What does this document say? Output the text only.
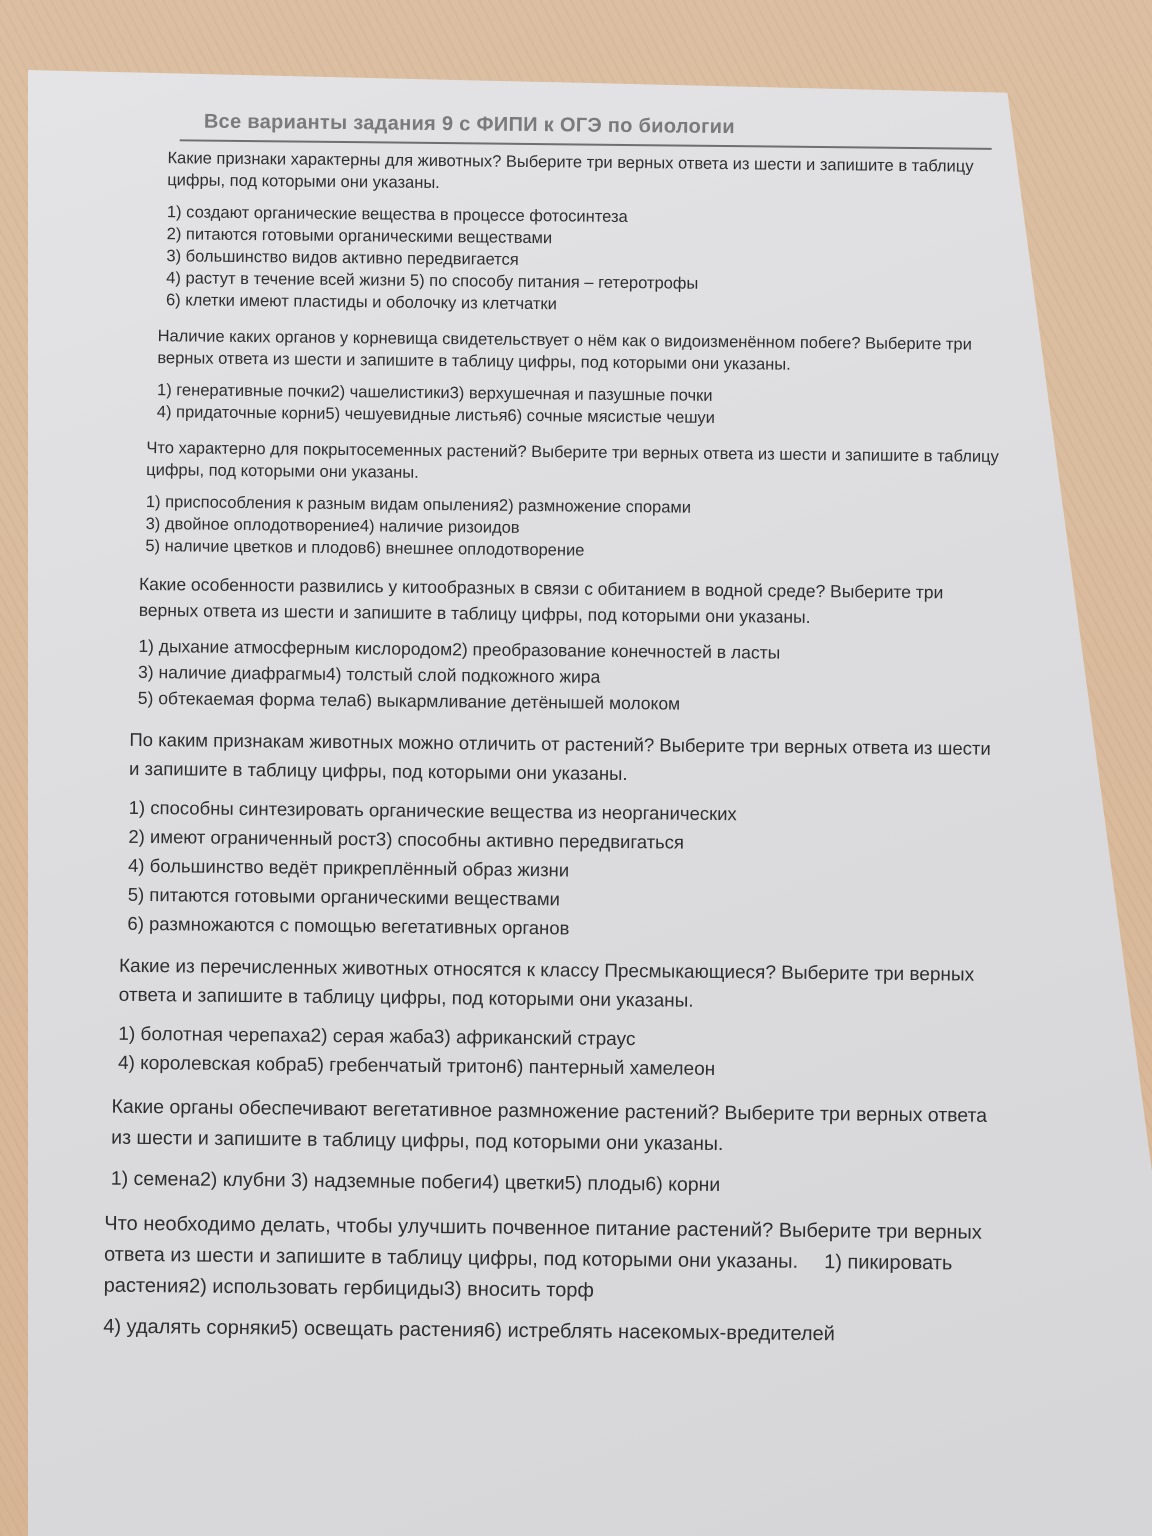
Все варианты задания 9 с ФИПИ к ОГЭ по биологии

Какие признаки характерны для животных? Выберите три верных ответа из шести и запишите в таблицу цифры, под которыми они указаны.

1) создают органические вещества в процессе фотосинтеза
2) питаются готовыми органическими веществами
3) большинство видов активно передвигается
4) растут в течение всей жизни 5) по способу питания – гетеротрофы
6) клетки имеют пластиды и оболочку из клетчатки

Наличие каких органов у корневища свидетельствует о нём как о видоизменённом побеге? Выберите три верных ответа из шести и запишите в таблицу цифры, под которыми они указаны.

1) генеративные почки2) чашелистики3) верхушечная и пазушные почки
4) придаточные корни5) чешуевидные листья6) сочные мясистые чешуи

Что характерно для покрытосеменных растений? Выберите три верных ответа из шести и запишите в таблицу цифры, под которыми они указаны.

1) приспособления к разным видам опыления2) размножение спорами
3) двойное оплодотворение4) наличие ризоидов
5) наличие цветков и плодов6) внешнее оплодотворение

Какие особенности развились у китообразных в связи с обитанием в водной среде? Выберите три верных ответа из шести и запишите в таблицу цифры, под которыми они указаны.

1) дыхание атмосферным кислородом2) преобразование конечностей в ласты
3) наличие диафрагмы4) толстый слой подкожного жира
5) обтекаемая форма тела6) выкармливание детёнышей молоком

По каким признакам животных можно отличить от растений? Выберите три верных ответа из шести и запишите в таблицу цифры, под которыми они указаны.

1) способны синтезировать органические вещества из неорганических
2) имеют ограниченный рост3) способны активно передвигаться
4) большинство ведёт прикреплённый образ жизни
5) питаются готовыми органическими веществами
6) размножаются с помощью вегетативных органов

Какие из перечисленных животных относятся к классу Пресмыкающиеся? Выберите три верных ответа и запишите в таблицу цифры, под которыми они указаны.

1) болотная черепаха2) серая жаба3) африканский страус
4) королевская кобра5) гребенчатый тритон6) пантерный хамелеон

Какие органы обеспечивают вегетативное размножение растений? Выберите три верных ответа из шести и запишите в таблицу цифры, под которыми они указаны.

1) семена2) клубни 3) надземные побеги4) цветки5) плоды6) корни

Что необходимо делать, чтобы улучшить почвенное питание растений? Выберите три верных ответа из шести и запишите в таблицу цифры, под которыми они указаны. 1) пикировать растения2) использовать гербициды3) вносить торф

4) удалять сорняки5) освещать растения6) истреблять насекомых-вредителей
